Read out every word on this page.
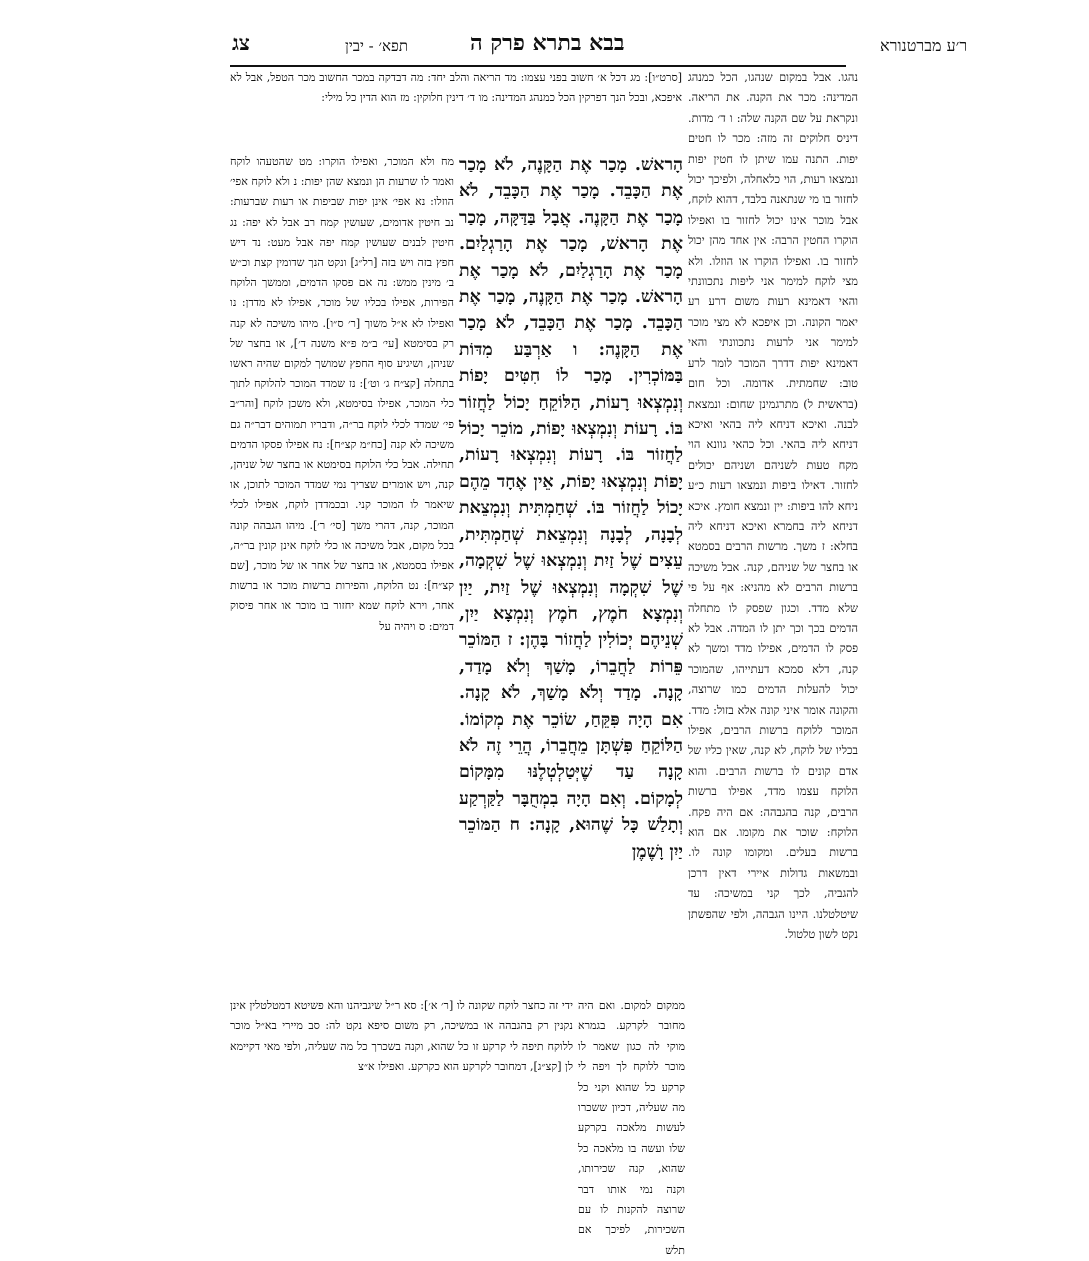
צג	תפא׳ - יבין	בבא בתרא פרק ה	ר׳ע מברטנורא

[סרט״ו]: מג דכל א׳ חשוב בפני עצמו: מד הריאה והלב יחד: מה דבדקה במכר החשוב מכר הטפל, אבל לא איפכא, ובכל הנך דפרקין הכל כמנהג המדינה: מו ד׳ דינין חלוקין: מז הוא הדין כל מילי:

נהגו. אבל במקום שנהגו, הכל כמנהג המדינה: מכר את הקנה. את הריאה. ונקראת על שם הקנה שלה: ו ד׳ מדות. דיניס חלוקים זה מזה: מכר לו חטים יפות. התנה עמו שיתן לו חטין יפות ונמצאו רעות, הוי כלאחלה, ולפיכך יכול לחזור בו מי שנתאנה בלבד, דהוא לוקח, אבל מוכר אינו יכול לחזור בו ואפילו הוקרו החטין הרבה: אין אחד מהן יכול לחזור בו. ואפילו הוקרו או הוזלו. ולא מצי לוקח למימר אני ליפות נתכוונתי והאי דאמינא רעות משום דרע רע יאמר הקונה. וכן איפכא לא מצי מוכר למימר אני לרעות נתכוונתי והאי דאמינא יפות דדרך המוכר לומר לרע טוב: שחמתית. אדומה. וכל חום (בראשית ל) מתרגמינן שחום: ונמצאת לבנה. ואיכא דניחא ליה בהאי ואיכא דניחא ליה בהאי. וכל כהאי גוונא הוי מקח טעות לשניהם ושניהם יכולים לחזור. דאילו ביפות ונמצאו רעות כ״ע ניחא להו ביפות: יין ונמצא חומץ. איכא דניחא ליה בחמרא ואיכא דניחא ליה בחלא: ז משך. מרשות הרבים בסמטא או בחצר של שניהם, קנה. אבל משיכה ברשות הרבים לא מהניא: אף על פי שלא מדד. וכגון שפסק לו מתחלה הדמים בכך וכך יתן לו המדה. אבל לא פסק לו הדמים, אפילו מדד ומשך לא קנה, דלא סמכא דעתייהו, שהמוכר יכול להעלות הדמים כמו שרוצה, והקונה אומר איני קונה אלא בזול: מדד. המוכר ללוקח ברשות הרבים, אפילו בכליו של לוקח, לא קנה, שאין כליו של אדם קונים לו ברשות הרבים. והוא הלוקח עצמו מדד, אפילו ברשות הרבים, קנה בהגבהה: אם היה פקח. הלוקח: שוכר את מקומו. אם הוא ברשות בעלים. ומקומו קונה לו. ובמשאות גדולות איירי דאין דרכן להגביה, לכך קני במשיכה: עד שיטלטלנו. היינו הגבהה, ולפי שהפשתן נקט לשון טלטול.

הָראשׁ. מָכַר אֶת הַקָּנֶה, לֹא מָכַר אֶת הַכָּבֵד. מָכַר אֶת הַכָּבֵד, לֹא מָכַר אֶת הַקָּנֶה. אֲבָל בַּדַּקָּה, מָכַר אֶת הָראשׁ, מָכַר אֶת הָרַגְלַיִם. מָכַר אֶת הָרַגְלַיִם, לֹא מָכַר אֶת הָראשׁ. מָכַר אֶת הַקָּנֶה, מָכַר אֶת הַכָּבֵד. מָכַר אֶת הַכָּבֵד, לֹא מָכַר אֶת הַקָּנֶה: ו אַרְבַּע מִדּוֹת בַּמּוֹכְרִין. מָכַר לוֹ חִטִּים יָפוֹת וְנִמְצְאוּ רָעוֹת, הַלּוֹקֵחַ יָכוֹל לַחֲזוֹר בּוֹ. רָעוֹת וְנִמְצְאוּ יָפוֹת, מוֹכֵר יָכוֹל לַחֲזוֹר בּוֹ. רָעוֹת וְנִמְצְאוּ רָעוֹת, יָפוֹת וְנִמְצְאוּ יָפוֹת, אֵין אֶחָד מֵהֶם יָכוֹל לַחֲזוֹר בּוֹ. שְׁחַמְתִּית וְנִמְצֵאת לְבָנָה, לְבָנָה וְנִמְצֵאת שְׁחַמְתִּית, עֵצִים שֶׁל זַיִת וְנִמְצְאוּ שֶׁל שִׁקְמָה, שֶׁל שִׁקְמָה וְנִמְצְאוּ שֶׁל זַיִת, יַיִן וְנִמְצָא חֹמֶץ, חֹמֶץ וְנִמְצָא יַיִן, שְׁנֵיהֶם יְכוֹלִין לַחֲזוֹר בָּהֶן: ז הַמּוֹכֵר פֵּרוֹת לַחֲבֵרוֹ, מָשַׁךְ וְלֹא מָדַד, קָנָה. מָדַד וְלֹא מָשַׁךְ, לֹא קָנָה. אִם הָיָה פִּקֵּחַ, שׂוֹכֵר אֶת מְקוֹמוֹ. הַלּוֹקֵחַ פִּשְׁתָּן מֵחֲבֵרוֹ, הֲרֵי זֶה לֹא קָנָה עַד שֶׁיְּטַלְטְלֶנּוּ מִמָּקוֹם לְמָקוֹם. וְאִם הָיָה בִמְחֻבָּר לַקַּרְקַע וְתָלַשׁ כָּל שֶׁהוּא, קָנָה: ח הַמּוֹכֵר יַיִן וָשֶׁמֶן

מח ולא המוכר, ואפילו הוקרו: מט שהטעהו לוקח ואמר לו שרעות הן ונמצא שהן יפות: נ ולא לוקח אפי׳ הוזלו: נא אפי׳ אינן יפות שביפות או רעות שברעות: נב חיטין אדומים, שעושין קמח רב אבל לא יפה: נג חיטין לבנים שעושין קמח יפה אבל מעט: נד דיש חפץ בזה ויש בזה [רל״ג] ונקט הנך שדומין קצת וכ״ש ב׳ מינין ממש: נה אם פסקו הדמים, וממשך הלוקח הפירות, אפילו בכליו של מוכר, אפילו לא מדדן: נו ואפילו לא א״ל משוך [ר׳ ס״ו]. מיהו משיכה לא קנה רק בסימטא [עי׳ ב״מ פ״א משנה ד׳], או בחצר של שניהן, ושיגיע סוף החפץ שמושך למקום שהיה ראשו בתחלה [קצ״ח ג׳ וט׳]: נז שמדד המוכר להלוקח לתוך כלי המוכר, אפילו בסימטא, ולא משכן לוקח [והר״ב פי׳ שמדד לכלי לוקח בר״ה, ודבריו תמוהים דבר״ה גם משיכה לא קנה [כח״מ קצ״ח]: נח אפילו פסקו הדמים תחילה. אבל כלי הלוקח בסימטא או בחצר של שניהן, קנה, ויש אומרים שצריך נמי שמדד המוכר לתוכן, או שיאמר לו המוכר קני. ובכמדדן לוקח, אפילו לכלי המוכר, קנה, דהרי משך [סי׳ ר׳]. מיהו הגבהה קונה בכל מקום, אבל משיכה או כלי לוקח אינן קונין בר״ה, אפילו בסמטא, או בחצר של אחר או של מוכר, [שם קצ״ח]: נט הלוקח, והפירות ברשות מוכר או ברשות אחר, וירא לוקח שמא יחזור בו מוכר או אחר פיסוק דמים: ס ויהיה על

ידי זה כחצר לוקח שקונה לו [ר׳ א׳]: סא ר״ל שיגביהנו והא פשיטא דמטלטלין אינן נקנין רק בהגבהה או במשיכה, רק משום סיפא נקט לה: סב מיירי בא״ל מוכר ללוקח תיפה לי קרקע זו כל שהוא, וקנה בשכרך כל מה שעליה, ולפי מאי דקיימא לן [קצ״ג], דמחובר לקרקע הוא כקרקע. ואפילו א״צ

ממקום למקום. ואם היה מחובר לקרקע. בגמרא מוקי לה כגון שאמר לו מוכר ללוקח לך ויפה לי קרקע כל שהוא וקני כל מה שעליה, דכיון ששכרו לעשות מלאכה בקרקע שלו ועשה בו מלאכה כל שהוא, קנה שכירותו, וקנה נמי אותו דבר שרוצה להקנות לו עם השכירות, לפיכך אם תלש
